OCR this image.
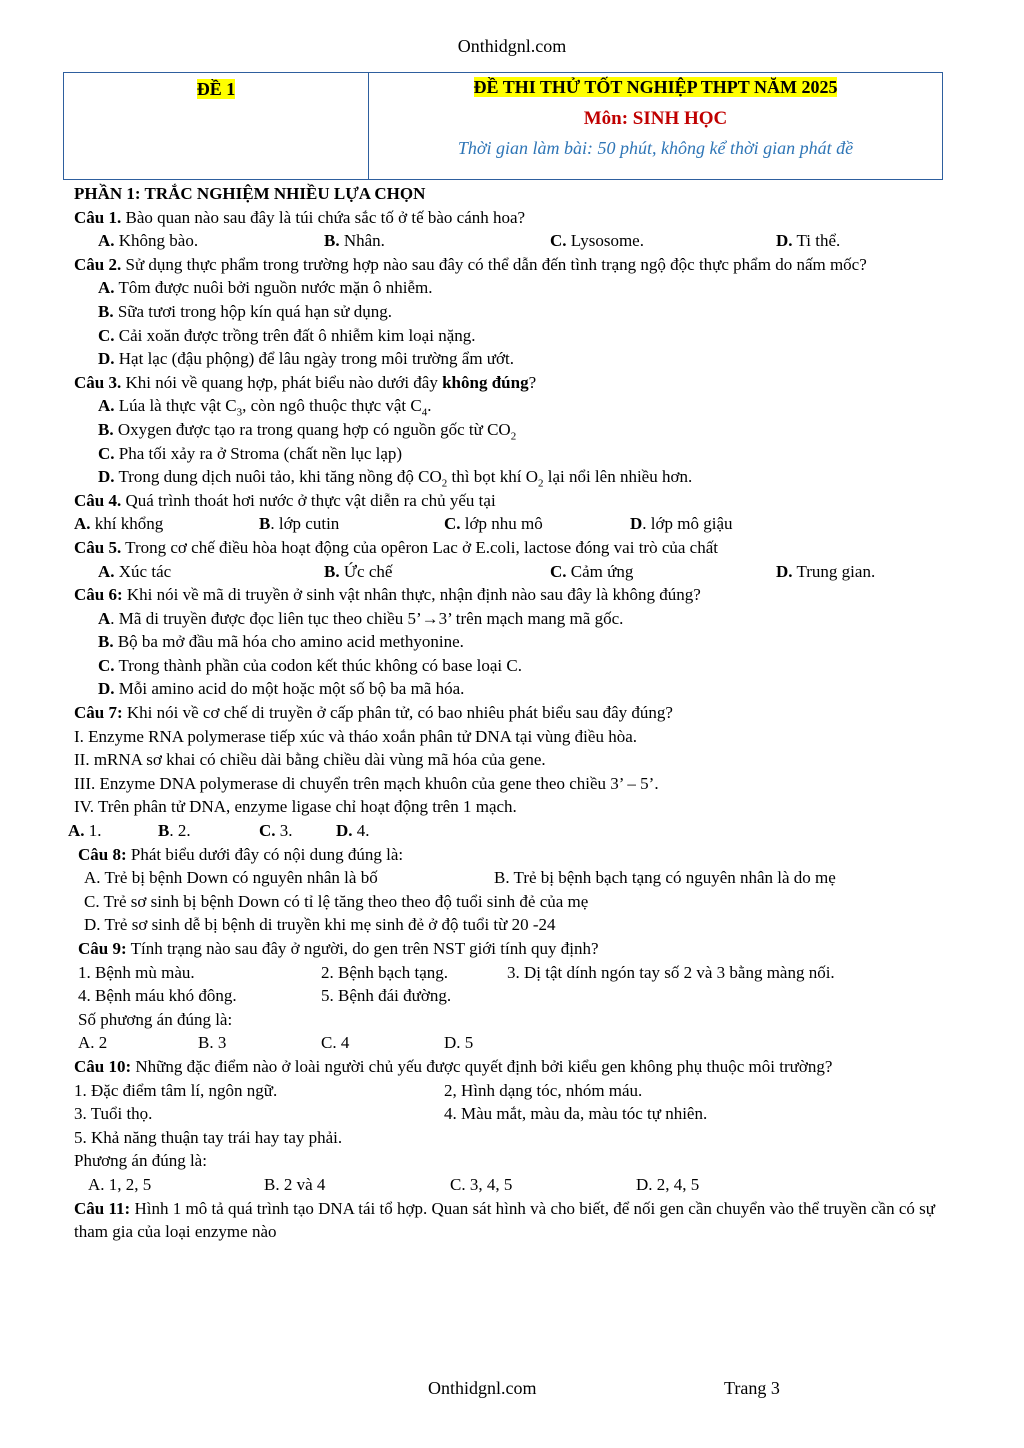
Onthidgnl.com
ĐỀ 1	ĐỀ THI THỬ TỐT NGHIỆP THPT NĂM 2025
Môn: SINH HỌC
Thời gian làm bài: 50 phút, không kể thời gian phát đề
PHẦN 1: TRẮC NGHIỆM NHIỀU LỰA CHỌN
Câu 1. Bào quan nào sau đây là túi chứa sắc tố ở tế bào cánh hoa?
A. Không bào.	B. Nhân.	C. Lysosome.	D. Ti thể.
Câu 2. Sử dụng thực phẩm trong trường hợp nào sau đây có thể dẫn đến tình trạng ngộ độc thực phẩm do nấm mốc?
A. Tôm được nuôi bởi nguồn nước mặn ô nhiễm.
B. Sữa tươi trong hộp kín quá hạn sử dụng.
C. Cải xoăn được trồng trên đất ô nhiễm kim loại nặng.
D. Hạt lạc (đậu phộng) để lâu ngày trong môi trường ẩm ướt.
Câu 3. Khi nói về quang hợp, phát biểu nào dưới đây không đúng?
A. Lúa là thực vật $C_3$, còn ngô thuộc thực vật $C_4$.
B. Oxygen được tạo ra trong quang hợp có nguồn gốc từ $CO_2$
C. Pha tối xảy ra ở Stroma (chất nền lục lạp)
D. Trong dung dịch nuôi tảo, khi tăng nồng độ $CO_2$ thì bọt khí $O_2$ lại nổi lên nhiều hơn.
Câu 4. Quá trình thoát hơi nước ở thực vật diễn ra chủ yếu tại
A. khí khổng	B. lớp cutin	C. lớp nhu mô	D. lớp mô giậu
Câu 5. Trong cơ chế điều hòa hoạt động của opêron Lac ở E.coli, lactose đóng vai trò của chất
A. Xúc tác	B. Ức chế	C. Cảm ứng	D. Trung gian.
Câu 6: Khi nói về mã di truyền ở sinh vật nhân thực, nhận định nào sau đây là không đúng?
A. Mã di truyền được đọc liên tục theo chiều 5’→3’ trên mạch mang mã gốc.
B. Bộ ba mở đầu mã hóa cho amino acid methyonine.
C. Trong thành phần của codon kết thúc không có base loại C.
D. Mỗi amino acid do một hoặc một số bộ ba mã hóa.
Câu 7: Khi nói về cơ chế di truyền ở cấp phân tử, có bao nhiêu phát biểu sau đây đúng?
I. Enzyme RNA polymerase tiếp xúc và tháo xoắn phân tử DNA tại vùng điều hòa.
II. mRNA sơ khai có chiều dài bằng chiều dài vùng mã hóa của gene.
III. Enzyme DNA polymerase di chuyển trên mạch khuôn của gene theo chiều 3’ – 5’.
IV. Trên phân tử DNA, enzyme ligase chỉ hoạt động trên 1 mạch.
A. 1.	B. 2.	C. 3.	D. 4.
Câu 8: Phát biểu dưới đây có nội dung đúng là:
A. Trẻ bị bệnh Down có nguyên nhân là bố	B. Trẻ bị bệnh bạch tạng có nguyên nhân là do mẹ
C. Trẻ sơ sinh bị bệnh Down có tỉ lệ tăng theo theo độ tuổi sinh đẻ của mẹ
D. Trẻ sơ sinh dễ bị bệnh di truyền khi mẹ sinh đẻ ở độ tuổi từ 20 -24
Câu 9: Tính trạng nào sau đây ở người, do gen trên NST giới tính quy định?
1. Bệnh mù màu.	2. Bệnh bạch tạng.	3. Dị tật dính ngón tay số 2 và 3 bằng màng nối.
4. Bệnh máu khó đông.	5. Bệnh đái đường.
Số phương án đúng là:
A. 2	B. 3	C. 4	D. 5
Câu 10: Những đặc điểm nào ở loài người chủ yếu được quyết định bởi kiểu gen không phụ thuộc môi trường?
1. Đặc điểm tâm lí, ngôn ngữ.	2, Hình dạng tóc, nhóm máu.
3. Tuổi thọ.	4. Màu mắt, màu da, màu tóc tự nhiên.
5. Khả năng thuận tay trái hay tay phải.
Phương án đúng là:
A. 1, 2, 5	B. 2 và 4	C. 3, 4, 5	D. 2, 4, 5
Câu 11: Hình 1 mô tả quá trình tạo DNA tái tổ hợp. Quan sát hình và cho biết, để nối gen cần chuyển vào thể truyền cần có sự tham gia của loại enzyme nào
Onthidgnl.com	Trang 3
